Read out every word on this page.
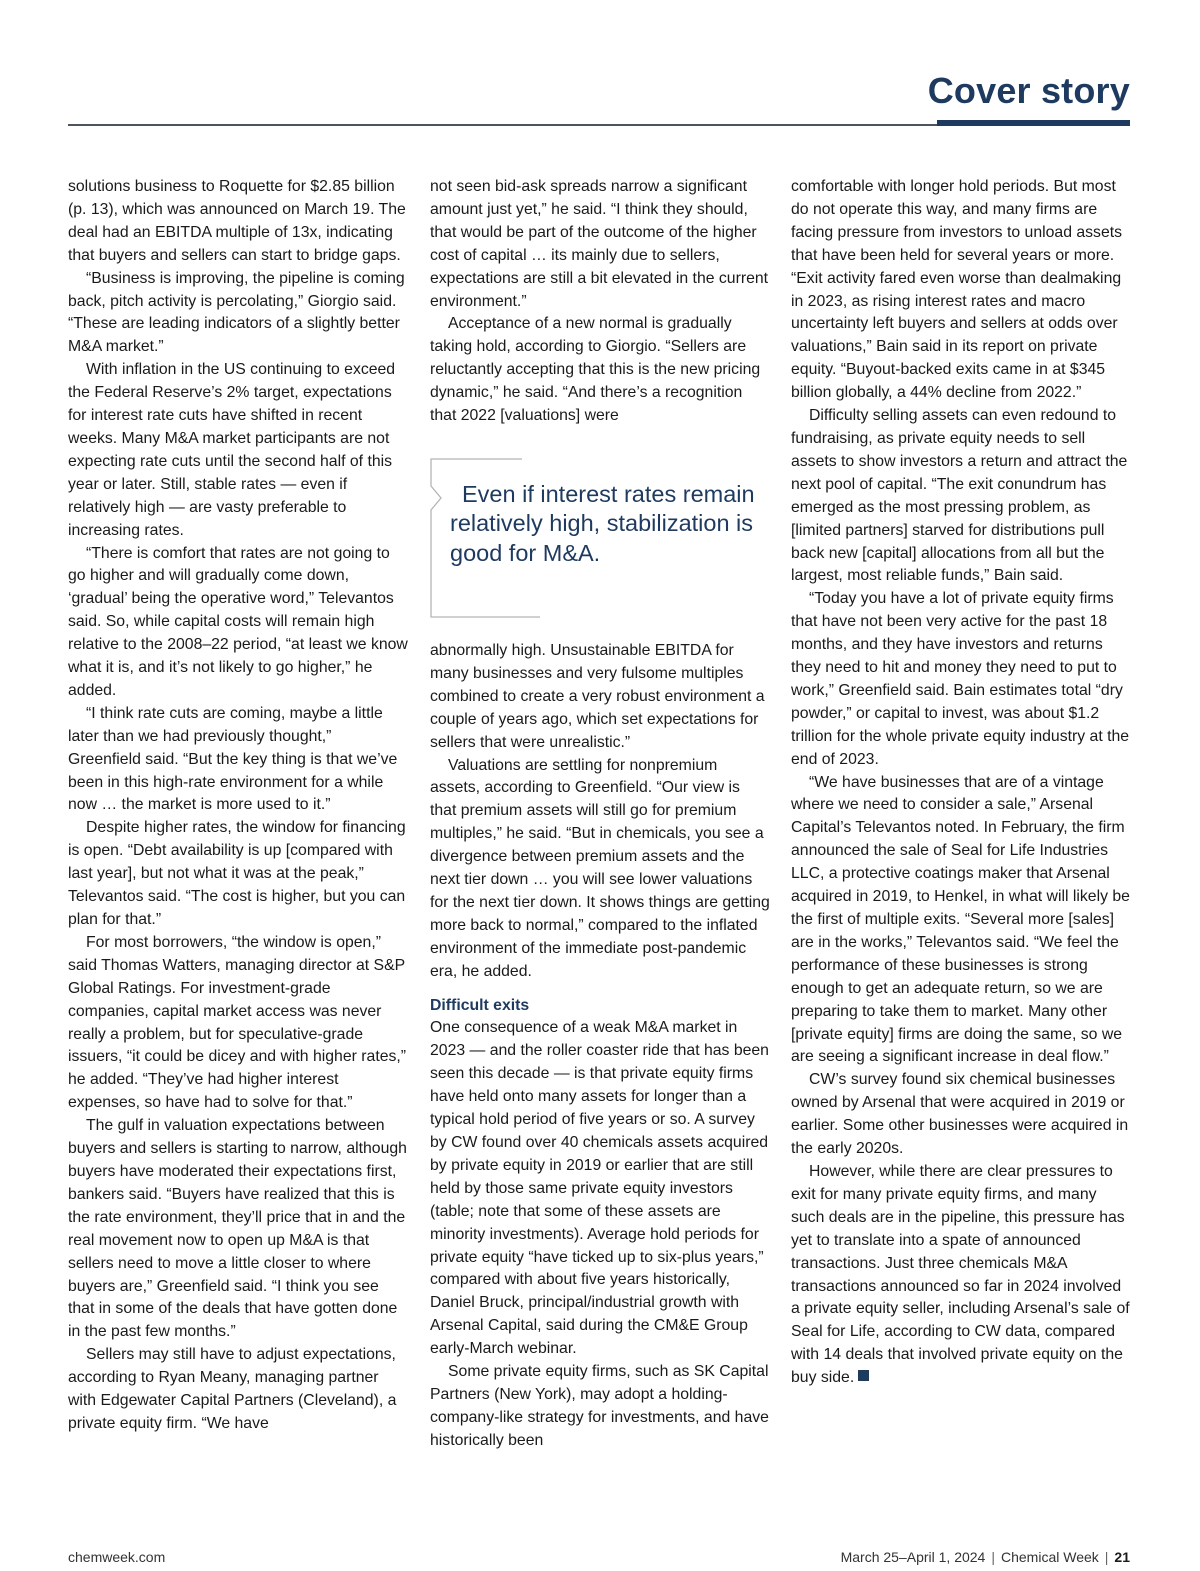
Cover story

solutions business to Roquette for $2.85 billion (p. 13), which was announced on March 19. The deal had an EBITDA multiple of 13x, indicating that buyers and sellers can start to bridge gaps.

“Business is improving, the pipeline is coming back, pitch activity is percolating,” Giorgio said. “These are leading indicators of a slightly better M&A market.”

With inflation in the US continuing to exceed the Federal Reserve’s 2% target, expectations for interest rate cuts have shifted in recent weeks. Many M&A market participants are not expecting rate cuts until the second half of this year or later. Still, stable rates — even if relatively high — are vasty preferable to increasing rates.

“There is comfort that rates are not going to go higher and will gradually come down, ‘gradual’ being the operative word,” Televantos said. So, while capital costs will remain high relative to the 2008–22 period, “at least we know what it is, and it’s not likely to go higher,” he added.

“I think rate cuts are coming, maybe a little later than we had previously thought,” Greenfield said. “But the key thing is that we’ve been in this high-rate environment for a while now … the market is more used to it.”

Despite higher rates, the window for financing is open. “Debt availability is up [compared with last year], but not what it was at the peak,” Televantos said. “The cost is higher, but you can plan for that.”

For most borrowers, “the window is open,” said Thomas Watters, managing director at S&P Global Ratings. For investment-grade companies, capital market access was never really a problem, but for speculative-grade issuers, “it could be dicey and with higher rates,” he added. “They’ve had higher interest expenses, so have had to solve for that.”

The gulf in valuation expectations between buyers and sellers is starting to narrow, although buyers have moderated their expectations first, bankers said. “Buyers have realized that this is the rate environment, they’ll price that in and the real movement now to open up M&A is that sellers need to move a little closer to where buyers are,” Greenfield said. “I think you see that in some of the deals that have gotten done in the past few months.”

Sellers may still have to adjust expectations, according to Ryan Meany, managing partner with Edgewater Capital Partners (Cleveland), a private equity firm. “We have

not seen bid-ask spreads narrow a significant amount just yet,” he said. “I think they should, that would be part of the outcome of the higher cost of capital … its mainly due to sellers, expectations are still a bit elevated in the current environment.”

Acceptance of a new normal is gradually taking hold, according to Giorgio. “Sellers are reluctantly accepting that this is the new pricing dynamic,” he said. “And there’s a recognition that 2022 [valuations] were

Even if interest rates remain relatively high, stabilization is good for M&A.

abnormally high. Unsustainable EBITDA for many businesses and very fulsome multiples combined to create a very robust environment a couple of years ago, which set expectations for sellers that were unrealistic.”

Valuations are settling for nonpremium assets, according to Greenfield. “Our view is that premium assets will still go for premium multiples,” he said. “But in chemicals, you see a divergence between premium assets and the next tier down … you will see lower valuations for the next tier down. It shows things are getting more back to normal,” compared to the inflated environment of the immediate post-pandemic era, he added.

Difficult exits

One consequence of a weak M&A market in 2023 — and the roller coaster ride that has been seen this decade — is that private equity firms have held onto many assets for longer than a typical hold period of five years or so. A survey by CW found over 40 chemicals assets acquired by private equity in 2019 or earlier that are still held by those same private equity investors (table; note that some of these assets are minority investments). Average hold periods for private equity “have ticked up to six-plus years,” compared with about five years historically, Daniel Bruck, principal/industrial growth with Arsenal Capital, said during the CM&E Group early-March webinar.

Some private equity firms, such as SK Capital Partners (New York), may adopt a holding-company-like strategy for investments, and have historically been

comfortable with longer hold periods. But most do not operate this way, and many firms are facing pressure from investors to unload assets that have been held for several years or more. “Exit activity fared even worse than dealmaking in 2023, as rising interest rates and macro uncertainty left buyers and sellers at odds over valuations,” Bain said in its report on private equity. “Buyout-backed exits came in at $345 billion globally, a 44% decline from 2022.”

Difficulty selling assets can even redound to fundraising, as private equity needs to sell assets to show investors a return and attract the next pool of capital. “The exit conundrum has emerged as the most pressing problem, as [limited partners] starved for distributions pull back new [capital] allocations from all but the largest, most reliable funds,” Bain said.

“Today you have a lot of private equity firms that have not been very active for the past 18 months, and they have investors and returns they need to hit and money they need to put to work,” Greenfield said. Bain estimates total “dry powder,” or capital to invest, was about $1.2 trillion for the whole private equity industry at the end of 2023.

“We have businesses that are of a vintage where we need to consider a sale,” Arsenal Capital’s Televantos noted. In February, the firm announced the sale of Seal for Life Industries LLC, a protective coatings maker that Arsenal acquired in 2019, to Henkel, in what will likely be the first of multiple exits. “Several more [sales] are in the works,” Televantos said. “We feel the performance of these businesses is strong enough to get an adequate return, so we are preparing to take them to market. Many other [private equity] firms are doing the same, so we are seeing a significant increase in deal flow.”

CW’s survey found six chemical businesses owned by Arsenal that were acquired in 2019 or earlier. Some other businesses were acquired in the early 2020s.

However, while there are clear pressures to exit for many private equity firms, and many such deals are in the pipeline, this pressure has yet to translate into a spate of announced transactions. Just three chemicals M&A transactions announced so far in 2024 involved a private equity seller, including Arsenal’s sale of Seal for Life, according to CW data, compared with 14 deals that involved private equity on the buy side.

chemweek.com	March 25–April 1, 2024 | Chemical Week | 21
